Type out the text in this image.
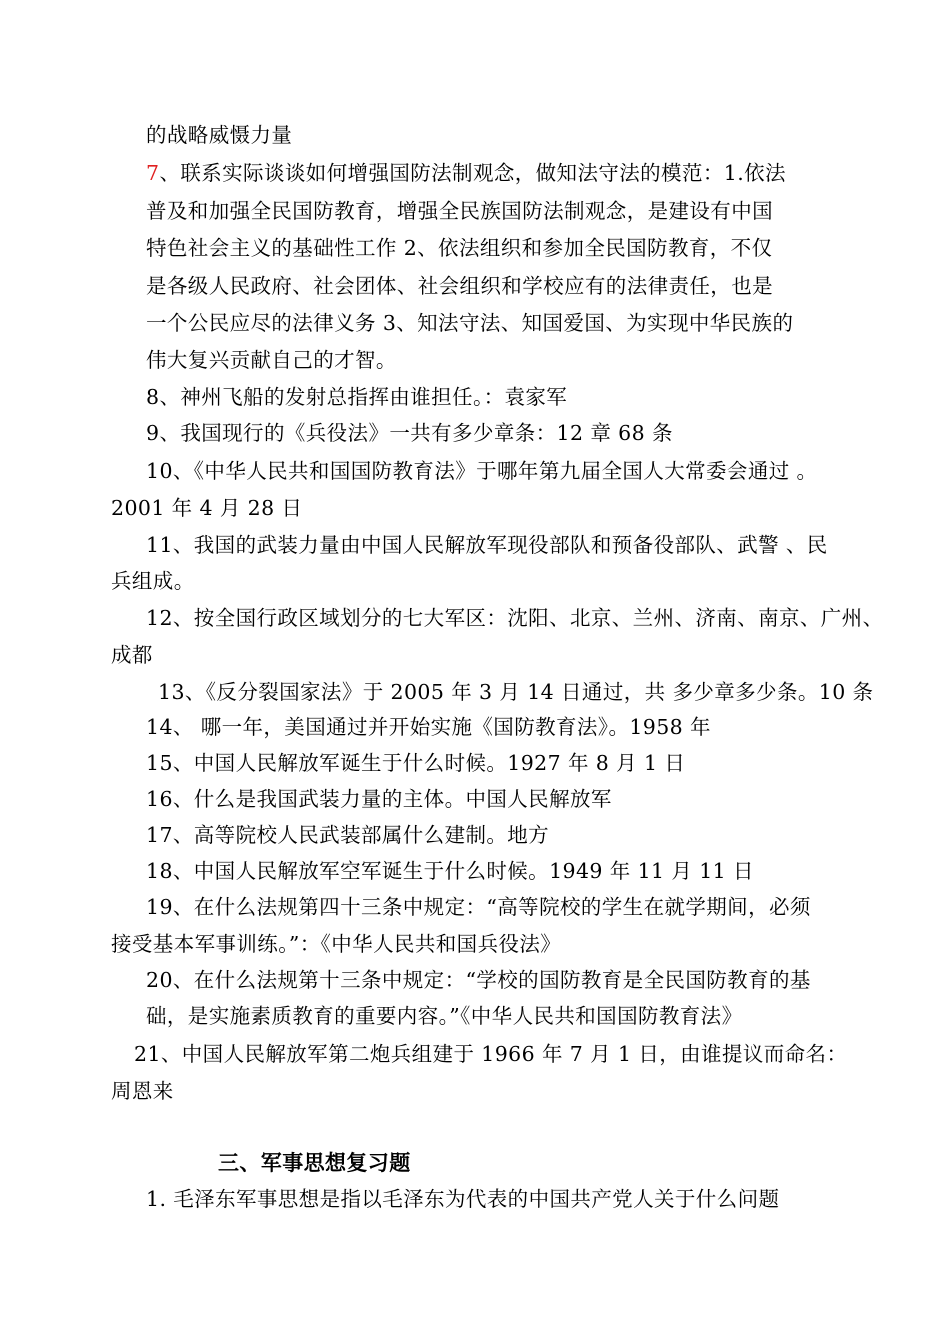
的战略威慑力量
7、联系实际谈谈如何增强国防法制观念，做知法守法的模范：1.依法
普及和加强全民国防教育，增强全民族国防法制观念，是建设有中国
特色社会主义的基础性工作 2、依法组织和参加全民国防教育，不仅
是各级人民政府、社会团体、社会组织和学校应有的法律责任，也是
一个公民应尽的法律义务 3、知法守法、知国爱国、为实现中华民族的
伟大复兴贡献自己的才智。
8、神州飞船的发射总指挥由谁担任。：袁家军
9、我国现行的《兵役法》一共有多少章条：12 章 68 条
10、《中华人民共和国国防教育法》于哪年第九届全国人大常委会通过 。
2001 年 4 月 28 日
11、我国的武装力量由中国人民解放军现役部队和预备役部队、武警 、民
兵组成。
12、按全国行政区域划分的七大军区：沈阳、北京、兰州、济南、南京、广州、
成都
13、《反分裂国家法》于 2005 年 3 月 14 日通过，共 多少章多少条。10 条
14、 哪一年，美国通过并开始实施《国防教育法》。1958 年
15、中国人民解放军诞生于什么时候。1927 年 8 月 1 日
16、什么是我国武装力量的主体。中国人民解放军
17、高等院校人民武装部属什么建制。地方
18、中国人民解放军空军诞生于什么时候。1949 年 11 月 11 日
19、在什么法规第四十三条中规定：“高等院校的学生在就学期间，必须
接受基本军事训练。”：《中华人民共和国兵役法》
20、在什么法规第十三条中规定：“学校的国防教育是全民国防教育的基
础，是实施素质教育的重要内容。”《中华人民共和国国防教育法》
21、中国人民解放军第二炮兵组建于 1966 年 7 月 1 日，由谁提议而命名：
周恩来
三、军事思想复习题
1. 毛泽东军事思想是指以毛泽东为代表的中国共产党人关于什么问题
